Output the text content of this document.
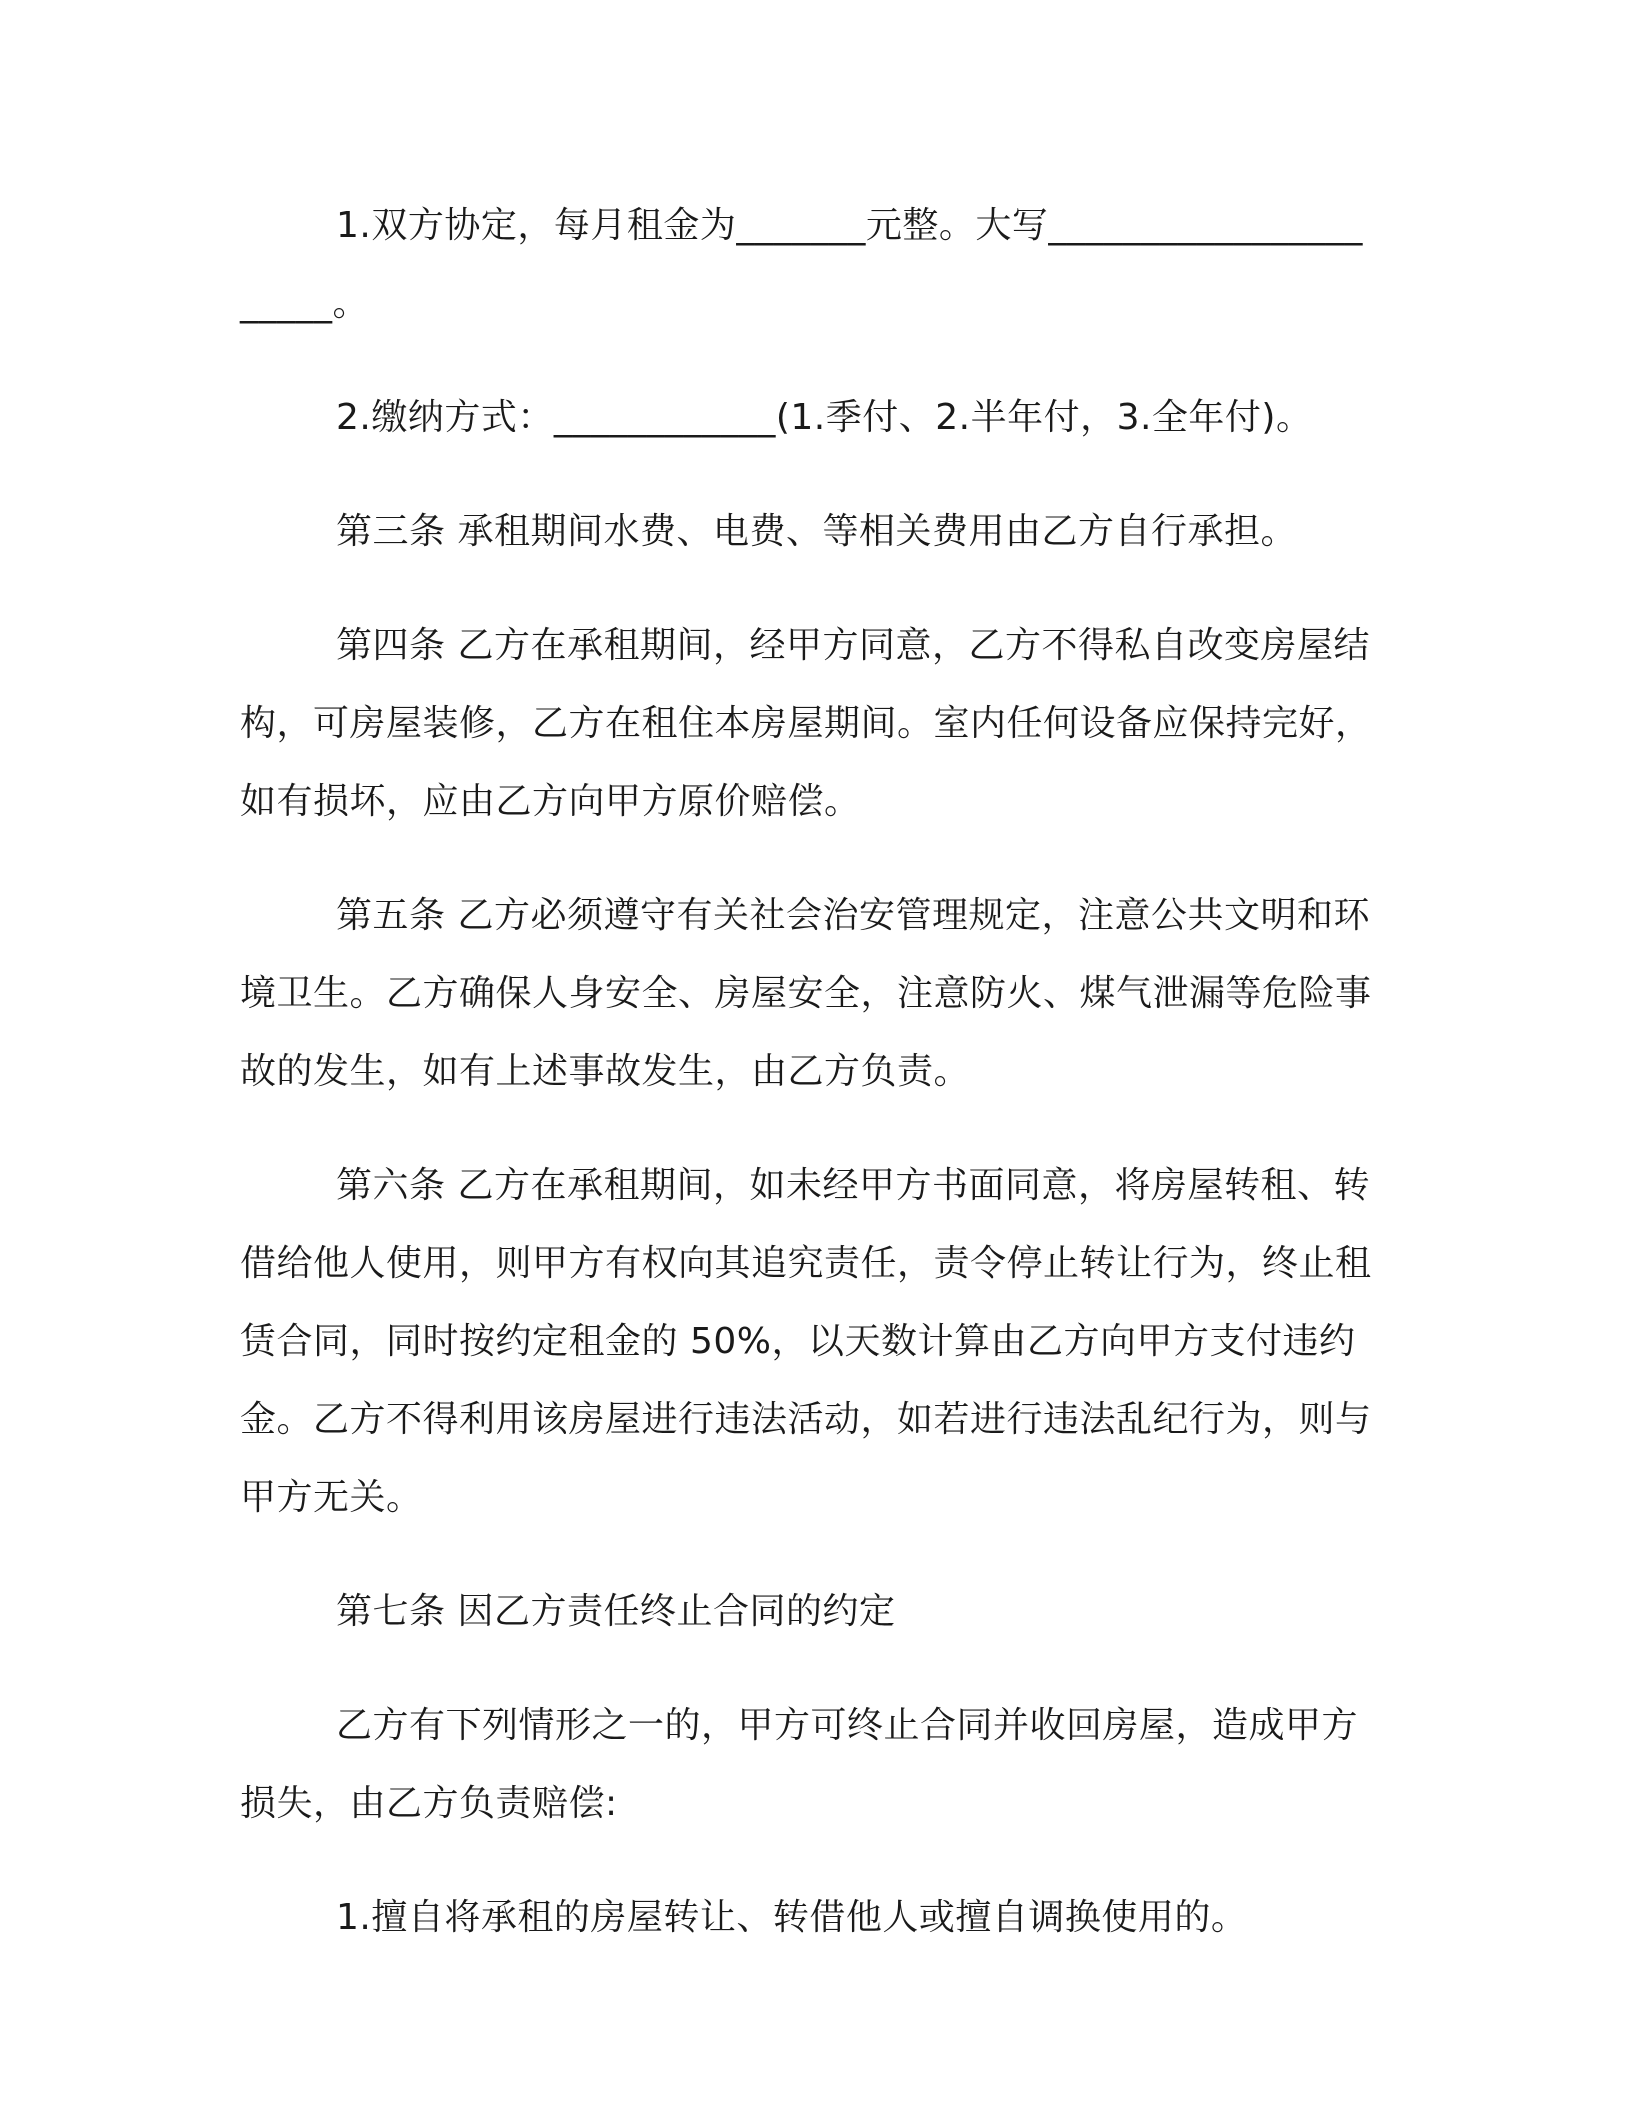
1.双方协定，每月租金为_______元整。大写______________________。

2.缴纳方式：____________(1.季付、2.半年付，3.全年付)。

第三条 承租期间水费、电费、等相关费用由乙方自行承担。

第四条 乙方在承租期间，经甲方同意，乙方不得私自改变房屋结构，可房屋装修，乙方在租住本房屋期间。室内任何设备应保持完好，如有损坏，应由乙方向甲方原价赔偿。

第五条 乙方必须遵守有关社会治安管理规定，注意公共文明和环境卫生。乙方确保人身安全、房屋安全，注意防火、煤气泄漏等危险事故的发生，如有上述事故发生，由乙方负责。

第六条 乙方在承租期间，如未经甲方书面同意，将房屋转租、转借给他人使用，则甲方有权向其追究责任，责令停止转让行为，终止租赁合同，同时按约定租金的 50%，以天数计算由乙方向甲方支付违约金。乙方不得利用该房屋进行违法活动，如若进行违法乱纪行为，则与甲方无关。

第七条 因乙方责任终止合同的约定

乙方有下列情形之一的，甲方可终止合同并收回房屋，造成甲方损失，由乙方负责赔偿:

1.擅自将承租的房屋转让、转借他人或擅自调换使用的。
